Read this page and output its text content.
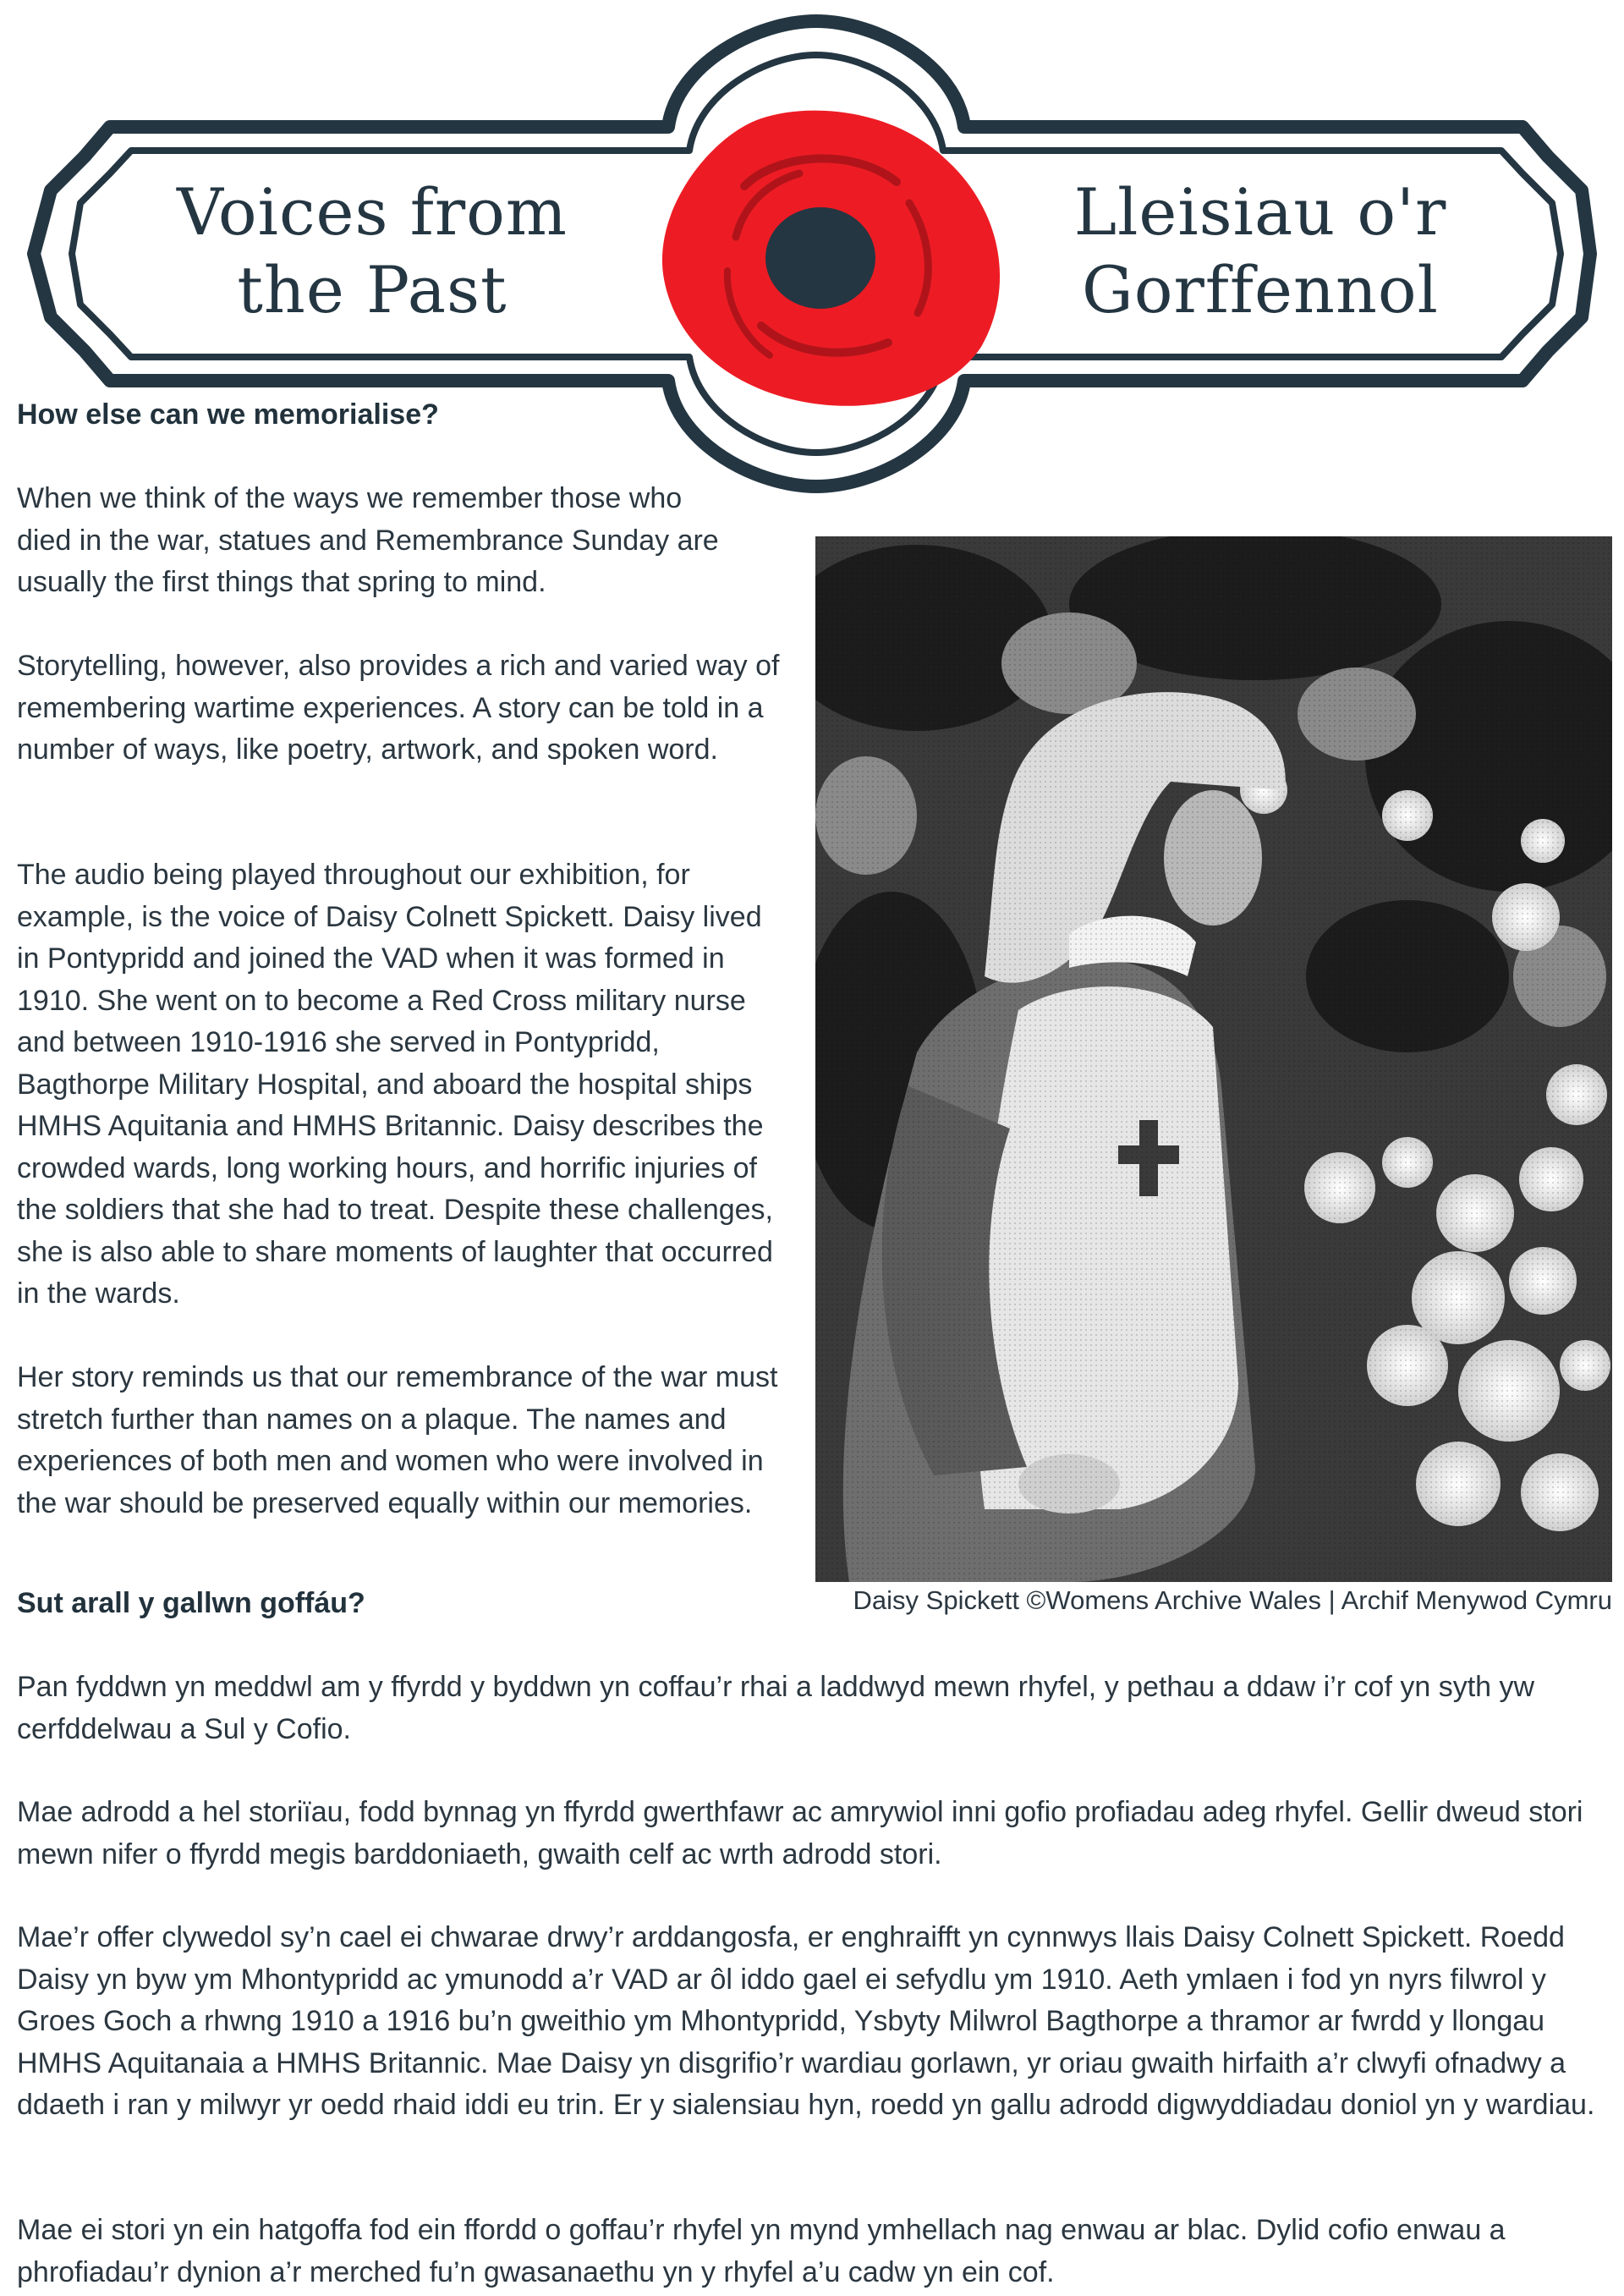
Voices from
the Past
Lleisiau o'r
Gorffennol
How else can we memorialise?

When we think of the ways we remember those who died in the war, statues and Remembrance Sunday are usually the first things that spring to mind.

Storytelling, however, also provides a rich and varied way of remembering wartime experiences. A story can be told in a number of ways, like poetry, artwork, and spoken word.

The audio being played throughout our exhibition, for example, is the voice of Daisy Colnett Spickett. Daisy lived in Pontypridd and joined the VAD when it was formed in 1910. She went on to become a Red Cross military nurse and between 1910-1916 she served in Pontypridd, Bagthorpe Military Hospital, and aboard the hospital ships HMHS Aquitania and HMHS Britannic. Daisy describes the crowded wards, long working hours, and horrific injuries of the soldiers that she had to treat. Despite these challenges, she is also able to share moments of laughter that occurred in the wards.

Her story reminds us that our remembrance of the war must stretch further than names on a plaque. The names and experiences of both men and women who were involved in the war should be preserved equally within our memories.

Daisy Spickett ©Womens Archive Wales | Archif Menywod Cymru
Sut arall y gallwn goffáu?

Pan fyddwn yn meddwl am y ffyrdd y byddwn yn coffau’r rhai a laddwyd mewn rhyfel, y pethau a ddaw i’r cof yn syth yw cerfddelwau a Sul y Cofio.

Mae adrodd a hel storiïau, fodd bynnag yn ffyrdd gwerthfawr ac amrywiol inni gofio profiadau adeg rhyfel. Gellir dweud stori mewn nifer o ffyrdd megis barddoniaeth, gwaith celf ac wrth adrodd stori.

Mae’r offer clywedol sy’n cael ei chwarae drwy’r arddangosfa, er enghraifft yn cynnwys llais Daisy Colnett Spickett. Roedd Daisy yn byw ym Mhontypridd ac ymunodd a’r VAD ar ôl iddo gael ei sefydlu ym 1910. Aeth ymlaen i fod yn nyrs filwrol y Groes Goch a rhwng 1910 a 1916 bu’n gweithio ym Mhontypridd, Ysbyty Milwrol Bagthorpe a thramor ar fwrdd y llongau HMHS Aquitanaia a HMHS Britannic. Mae Daisy yn disgrifio’r wardiau gorlawn, yr oriau gwaith hirfaith a’r clwyfi ofnadwy a ddaeth i ran y milwyr yr oedd rhaid iddi eu trin. Er y sialensiau hyn, roedd yn gallu adrodd digwyddiadau doniol yn y wardiau.

Mae ei stori yn ein hatgoffa fod ein ffordd o goffau’r rhyfel yn mynd ymhellach nag enwau ar blac. Dylid cofio enwau a phrofiadau’r dynion a’r merched fu’n gwasanaethu yn y rhyfel a’u cadw yn ein cof.
